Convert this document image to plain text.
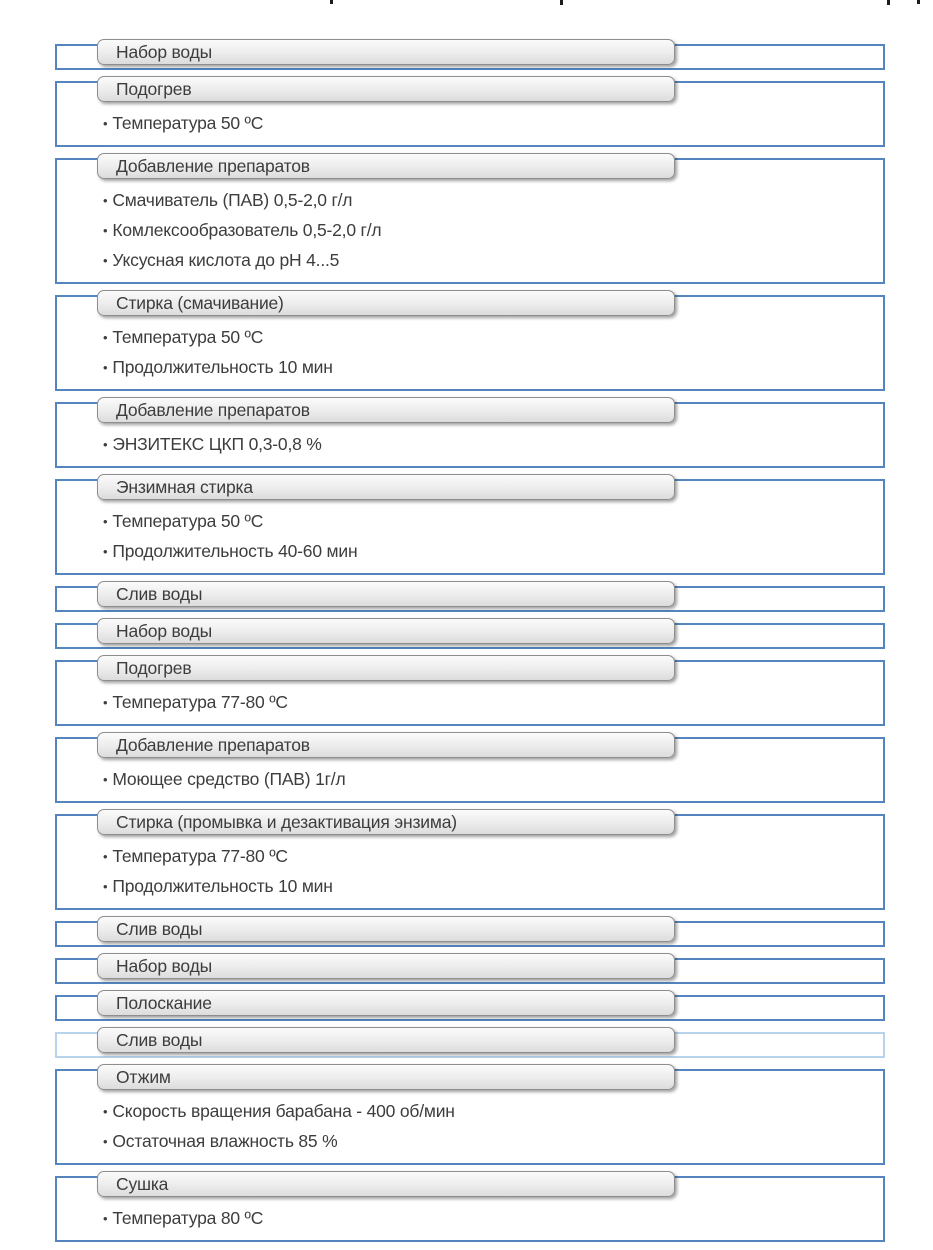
Набор воды
Подогрев
• Температура 50 ºС
Добавление препаратов
• Смачиватель (ПАВ) 0,5-2,0 г/л
• Комлексообразователь 0,5-2,0 г/л
• Уксусная кислота до pH 4...5
Стирка (смачивание)
• Температура 50 ºС
• Продолжительность 10 мин
Добавление препаратов
• ЭНЗИТЕКС ЦКП 0,3-0,8 %
Энзимная стирка
• Температура 50 ºС
• Продолжительность 40-60 мин
Слив воды
Набор воды
Подогрев
• Температура 77-80 ºС
Добавление препаратов
• Моющее средство (ПАВ) 1г/л
Стирка (промывка и дезактивация энзима)
• Температура 77-80 ºС
• Продолжительность 10 мин
Слив воды
Набор воды
Полоскание
Слив воды
Отжим
• Скорость вращения барабана - 400 об/мин
• Остаточная влажность 85 %
Сушка
• Температура 80 ºС
